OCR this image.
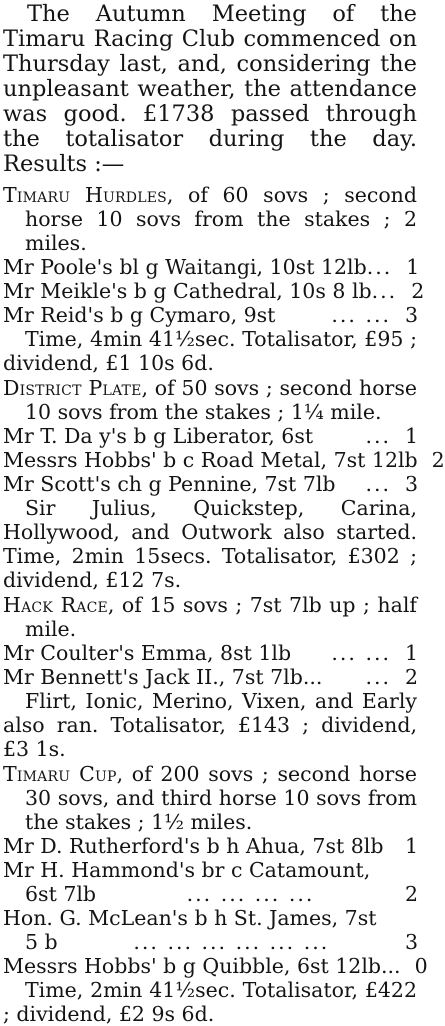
The Autumn Meeting of the Timaru Racing Club commenced on Thursday last, and, considering the unpleasant weather, the attendance was good. £1738 passed through the totalisator during the day. Results :—
Timaru Hurdles, of 60 sovs ; second horse 10 sovs from the stakes ; 2 miles.
Mr Poole's bl g Waitangi, 10st 12lb ... 1
Mr Meikle's b g Cathedral, 10s 8 lb ... 2
Mr Reid's b g Cymaro, 9st	... ... 3
Time, 4min 41½sec. Totalisator, £95 ; dividend, £1 10s 6d.
District Plate, of 50 sovs ; second horse 10 sovs from the stakes ; 1¼ mile.
Mr T. Da y's b g Liberator, 6st	... 1
Messrs Hobbs' b c Road Metal, 7st 12lb 2
Mr Scott's ch g Pennine, 7st 7lb	... 3
Sir Julius, Quickstep, Carina, Hollywood, and Outwork also started. Time, 2min 15secs. Totalisator, £302 ; dividend, £12 7s.
Hack Race, of 15 sovs ; 7st 7lb up ; half mile.
Mr Coulter's Emma, 8st 1lb	... ... 1
Mr Bennett's Jack II., 7st 7lb...	... 2
Flirt, Ionic, Merino, Vixen, and Early also ran. Totalisator, £143 ; dividend, £3 1s.
Timaru Cup, of 200 sovs ; second horse 30 sovs, and third horse 10 sovs from the stakes ; 1½ miles.
Mr D. Rutherford's b h Ahua, 7st 8lb 1
Mr H. Hammond's br c Catamount,
6st 7lb	... ... ... ...	2
Hon. G. McLean's b h St. James, 7st
5 b	... ... ... ... ... ...	3
Messrs Hobbs' b g Quibble, 6st 12lb... 0
Time, 2min 41½sec. Totalisator, £422 ; dividend, £2 9s 6d.
